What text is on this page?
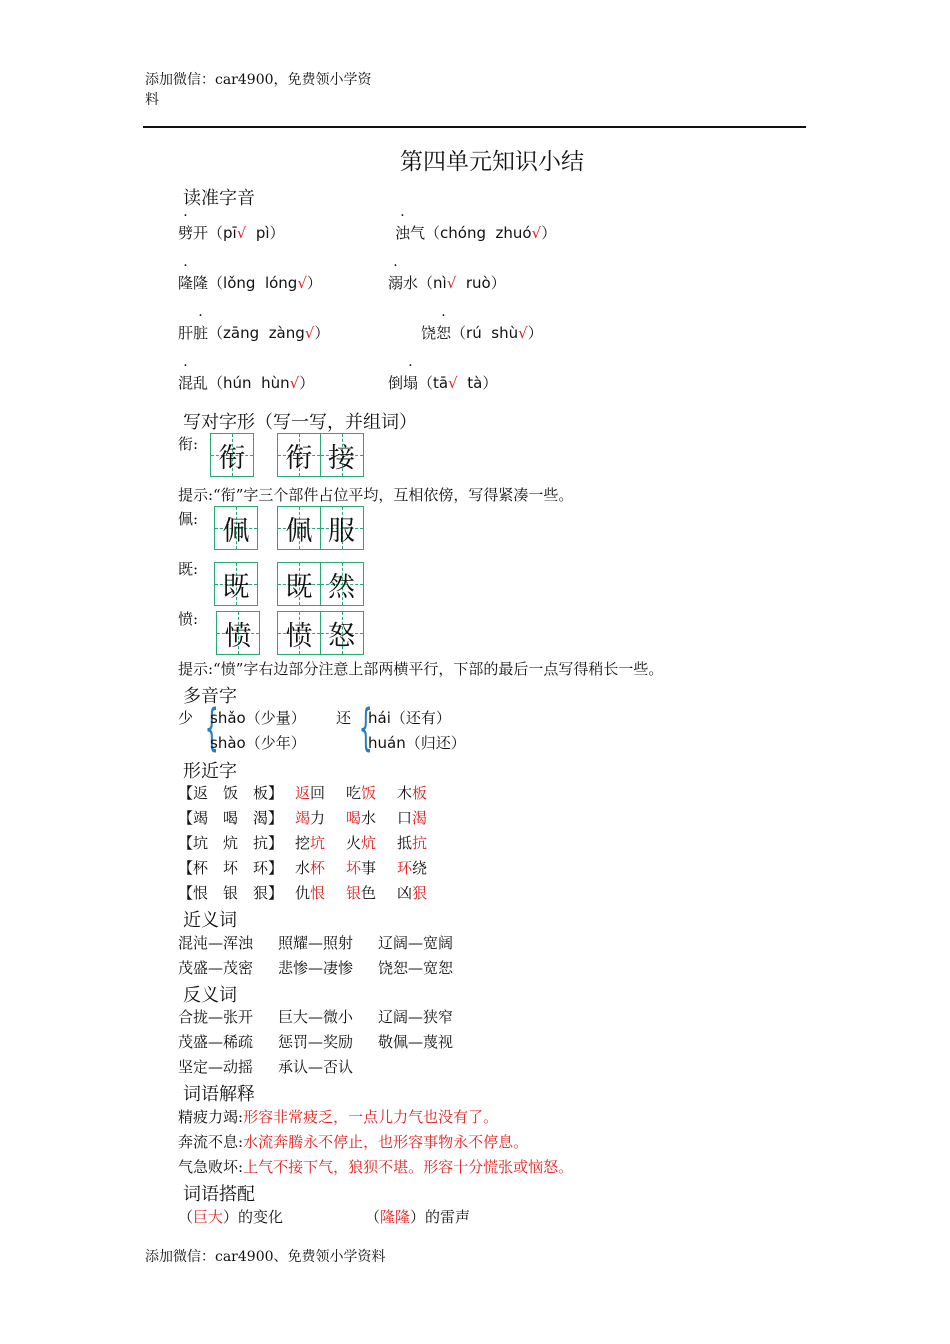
添加微信：car4900，免费领小学资
料
第四单元知识小结
读准字音
劈开（pī√ pì）	浊气（chóng zhuó√）
隆隆（lǒng lóng√）	溺水（nì√ ruò）
肝脏（zāng zàng√）	饶恕（rú shù√）
混乱（hún hùn√）	倒塌（tā√ tà）
写对字形（写一写，并组词）
衔: 衔 衔 接
佩: 佩 佩 服
既:
既 既 然
愤:
愤 愤 怒
提示:“衔”字三个部件占位平均，互相依傍，写得紧凑一些。
提示:“愤”字右边部分注意上部两横平行，下部的最后一点写得稍长一些。
多音字
少 {
shǎo（少量）
shào（少年）
还 {
hái（还有）
huán（归还）
形近字
【返　饭　板】 返回 吃饭 木板
【竭　喝　渴】 竭力 喝水 口渴
【坑　炕　抗】 挖坑 火炕 抵抗
【杯　坏　环】 水杯 坏事 环绕
【恨　银　狠】 仇恨 银色 凶狠
近义词
混沌—浑浊 照耀—照射 辽阔—宽阔
茂盛—茂密 悲惨—凄惨 饶恕—宽恕
反义词
合拢—张开 巨大—微小 辽阔—狭窄
茂盛—稀疏 惩罚—奖励 敬佩—蔑视
坚定—动摇 承认—否认
词语解释
精疲力竭:形容非常疲乏，一点儿力气也没有了。
奔流不息:水流奔腾永不停止，也形容事物永不停息。
气急败坏:上气不接下气，狼狈不堪。形容十分慌张或恼怒。
词语搭配
（巨大）的变化	（隆隆）的雷声
添加微信：car4900、免费领小学资料
